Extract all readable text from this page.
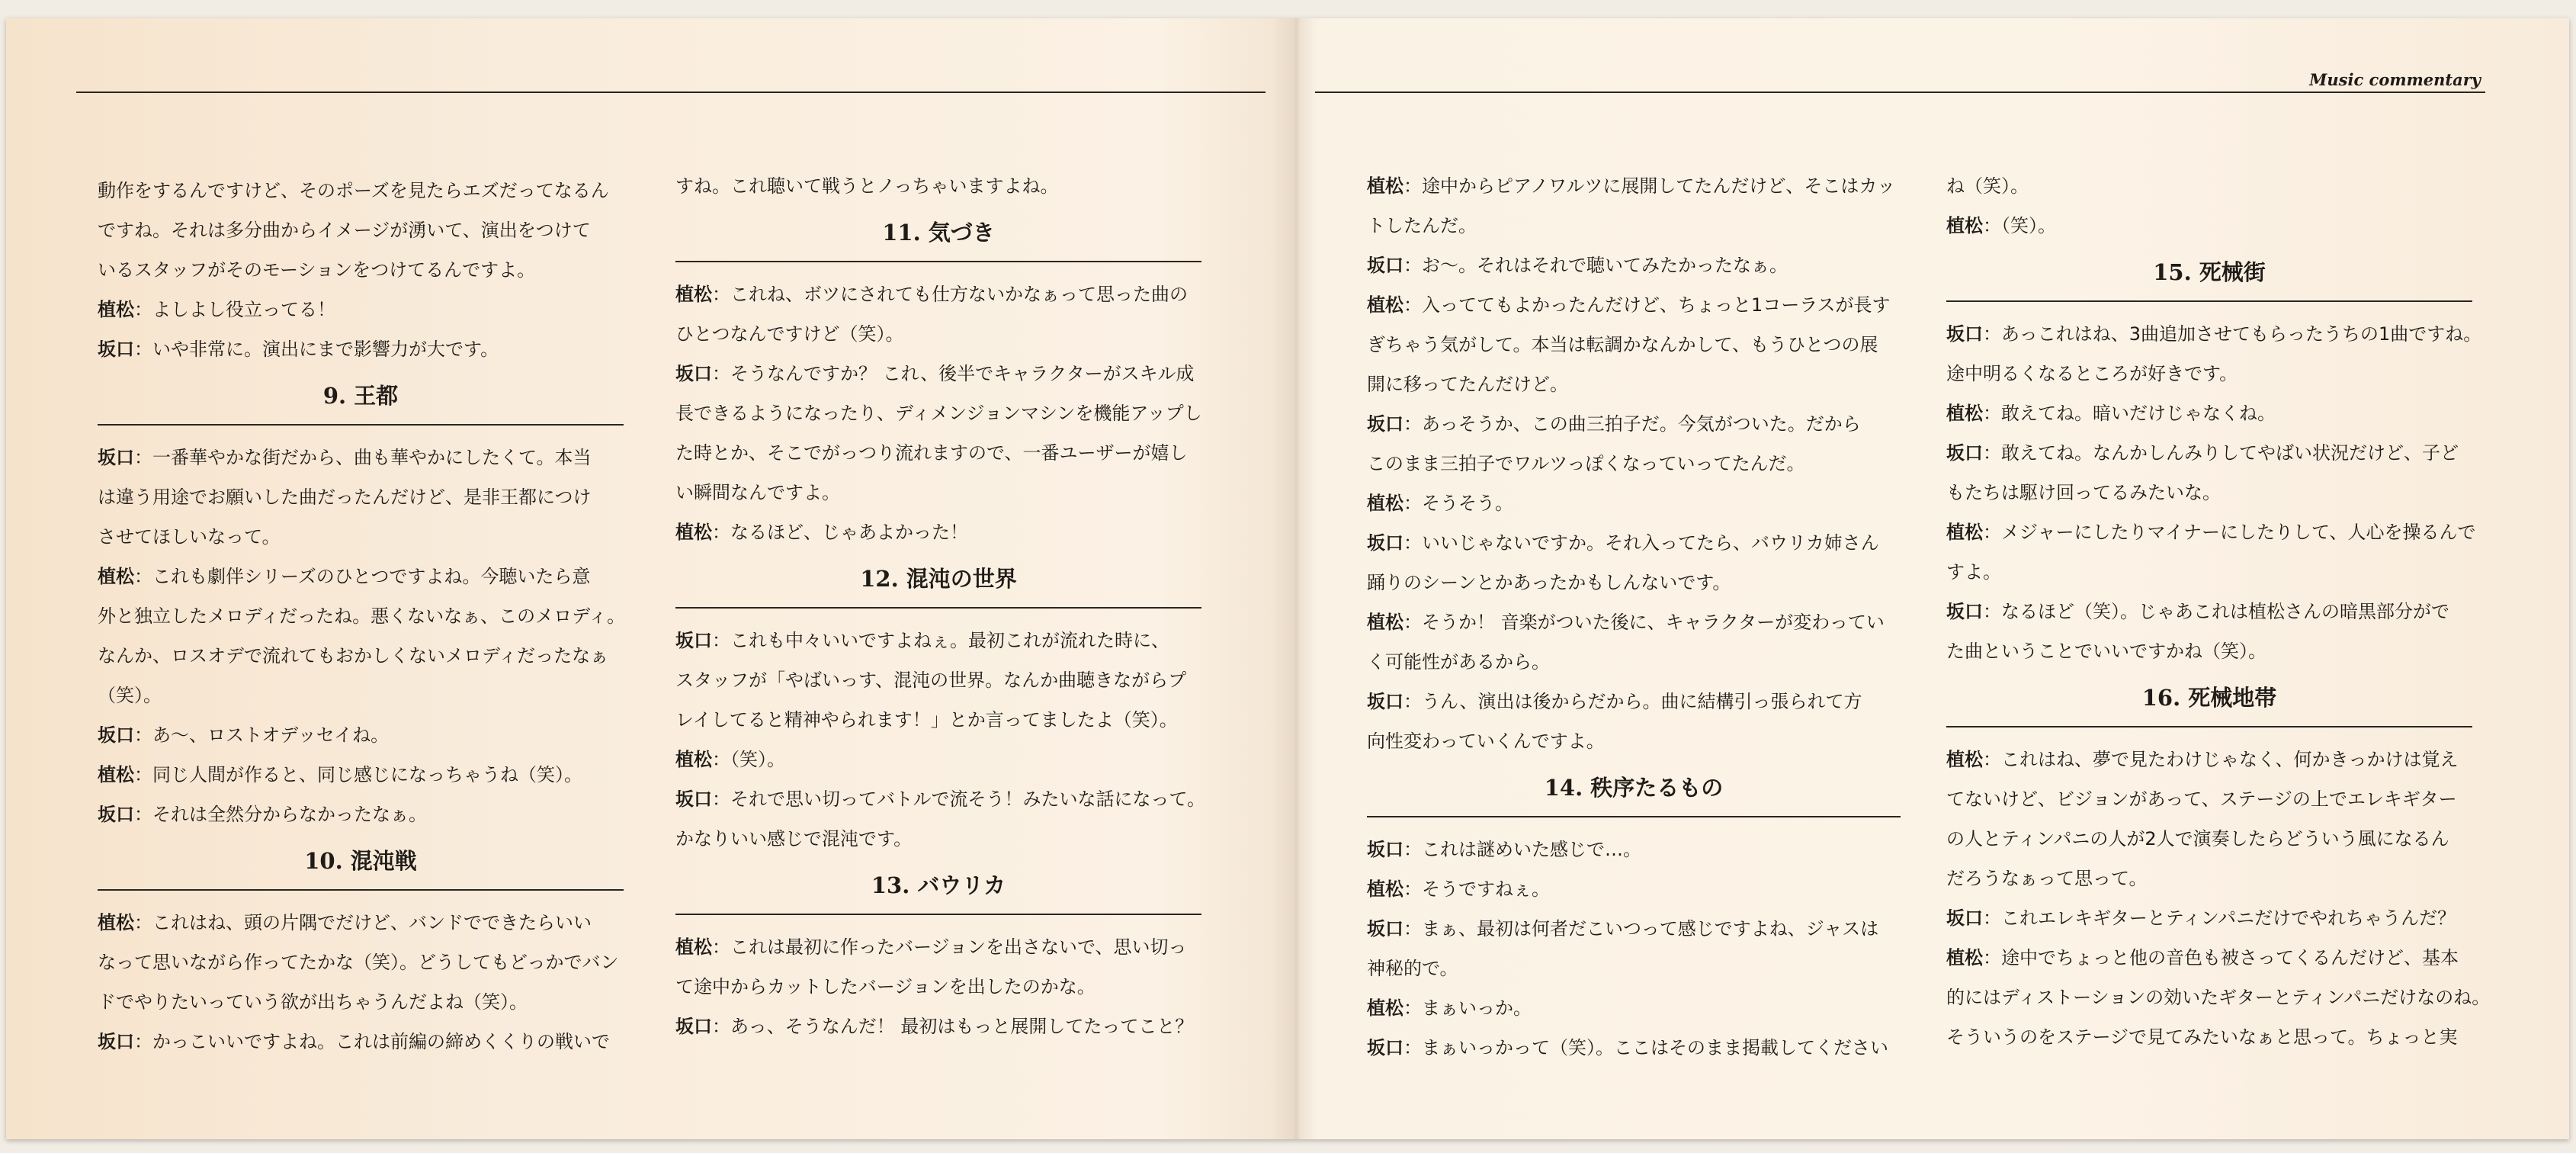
Music commentary
動作をするんですけど、そのポーズを見たらエズだってなるん
ですね。それは多分曲からイメージが湧いて、演出をつけて
いるスタッフがそのモーションをつけてるんですよ。
植松：よしよし役立ってる！
坂口：いや非常に。演出にまで影響力が大です。
9. 王都
坂口：一番華やかな街だから、曲も華やかにしたくて。本当
は違う用途でお願いした曲だったんだけど、是非王都につけ
させてほしいなって。
植松：これも劇伴シリーズのひとつですよね。今聴いたら意
外と独立したメロディだったね。悪くないなぁ、このメロディ。
なんか、ロスオデで流れてもおかしくないメロディだったなぁ
（笑）。
坂口：あ～、ロストオデッセイね。
植松：同じ人間が作ると、同じ感じになっちゃうね（笑）。
坂口：それは全然分からなかったなぁ。
10. 混沌戦
植松：これはね、頭の片隅でだけど、バンドでできたらいい
なって思いながら作ってたかな（笑）。どうしてもどっかでバン
ドでやりたいっていう欲が出ちゃうんだよね（笑）。
坂口：かっこいいですよね。これは前編の締めくくりの戦いで
すね。これ聴いて戦うとノっちゃいますよね。
11. 気づき
植松：これね、ボツにされても仕方ないかなぁって思った曲の
ひとつなんですけど（笑）。
坂口：そうなんですか？ これ、後半でキャラクターがスキル成
長できるようになったり、ディメンジョンマシンを機能アップし
た時とか、そこでがっつり流れますので、一番ユーザーが嬉し
い瞬間なんですよ。
植松：なるほど、じゃあよかった！
12. 混沌の世界
坂口：これも中々いいですよねぇ。最初これが流れた時に、
スタッフが「やばいっす、混沌の世界。なんか曲聴きながらプ
レイしてると精神やられます！」とか言ってましたよ（笑）。
植松：（笑）。
坂口：それで思い切ってバトルで流そう！みたいな話になって。
かなりいい感じで混沌です。
13. バウリカ
植松：これは最初に作ったバージョンを出さないで、思い切っ
て途中からカットしたバージョンを出したのかな。
坂口：あっ、そうなんだ！ 最初はもっと展開してたってこと？
植松：途中からピアノワルツに展開してたんだけど、そこはカッ
トしたんだ。
坂口：お～。それはそれで聴いてみたかったなぁ。
植松：入っててもよかったんだけど、ちょっと1コーラスが長す
ぎちゃう気がして。本当は転調かなんかして、もうひとつの展
開に移ってたんだけど。
坂口：あっそうか、この曲三拍子だ。今気がついた。だから
このまま三拍子でワルツっぽくなっていってたんだ。
植松：そうそう。
坂口：いいじゃないですか。それ入ってたら、バウリカ姉さん
踊りのシーンとかあったかもしんないです。
植松：そうか！ 音楽がついた後に、キャラクターが変わってい
く可能性があるから。
坂口：うん、演出は後からだから。曲に結構引っ張られて方
向性変わっていくんですよ。
14. 秩序たるもの
坂口：これは謎めいた感じで…。
植松：そうですねぇ。
坂口：まぁ、最初は何者だこいつって感じですよね、ジャスは
神秘的で。
植松：まぁいっか。
坂口：まぁいっかって（笑）。ここはそのまま掲載してください
ね（笑）。
植松：（笑）。
15. 死械街
坂口：あっこれはね、3曲追加させてもらったうちの1曲ですね。
途中明るくなるところが好きです。
植松：敢えてね。暗いだけじゃなくね。
坂口：敢えてね。なんかしんみりしてやばい状況だけど、子ど
もたちは駆け回ってるみたいな。
植松：メジャーにしたりマイナーにしたりして、人心を操るんで
すよ。
坂口：なるほど（笑）。じゃあこれは植松さんの暗黒部分がで
た曲ということでいいですかね（笑）。
16. 死械地帯
植松：これはね、夢で見たわけじゃなく、何かきっかけは覚え
てないけど、ビジョンがあって、ステージの上でエレキギター
の人とティンパニの人が2人で演奏したらどういう風になるん
だろうなぁって思って。
坂口：これエレキギターとティンパニだけでやれちゃうんだ？
植松：途中でちょっと他の音色も被さってくるんだけど、基本
的にはディストーションの効いたギターとティンパニだけなのね。
そういうのをステージで見てみたいなぁと思って。ちょっと実
